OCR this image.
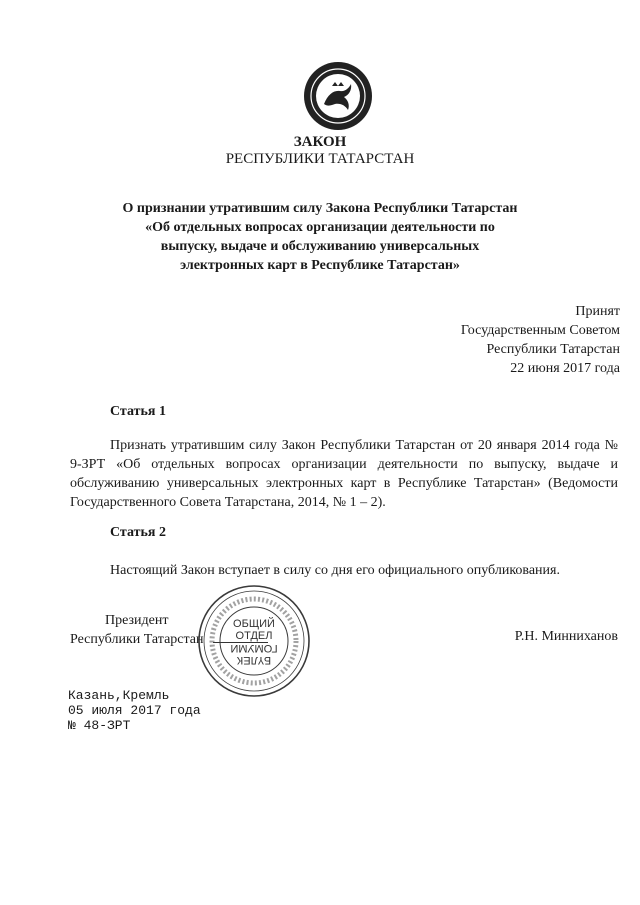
ЗАКОН
РЕСПУБЛИКИ ТАТАРСТАН
О признании утратившим силу Закона Республики Татарстан
«Об отдельных вопросах организации деятельности по
выпуску, выдаче и обслуживанию универсальных
электронных карт в Республике Татарстан»
Принят
Государственным Советом
Республики Татарстан
22 июня 2017 года
Статья 1
Признать утратившим силу Закон Республики Татарстан от 20 января 2014 года № 9-ЗРТ «Об отдельных вопросах организации деятельности по выпуску, выдаче и обслуживанию универсальных электронных карт в Республике Татарстан» (Ведомости Государственного Совета Татарстана, 2014, № 1 – 2).
Статья 2
Настоящий Закон вступает в силу со дня его официального опубликования.
Президент
Республики Татарстан	Р.Н. Минниханов
ОБЩИЙ
ОТДЕЛ
БҮЛЕК
ГОМУМИ
Казань,Кремль
05 июля 2017 года
№ 48-ЗРТ
